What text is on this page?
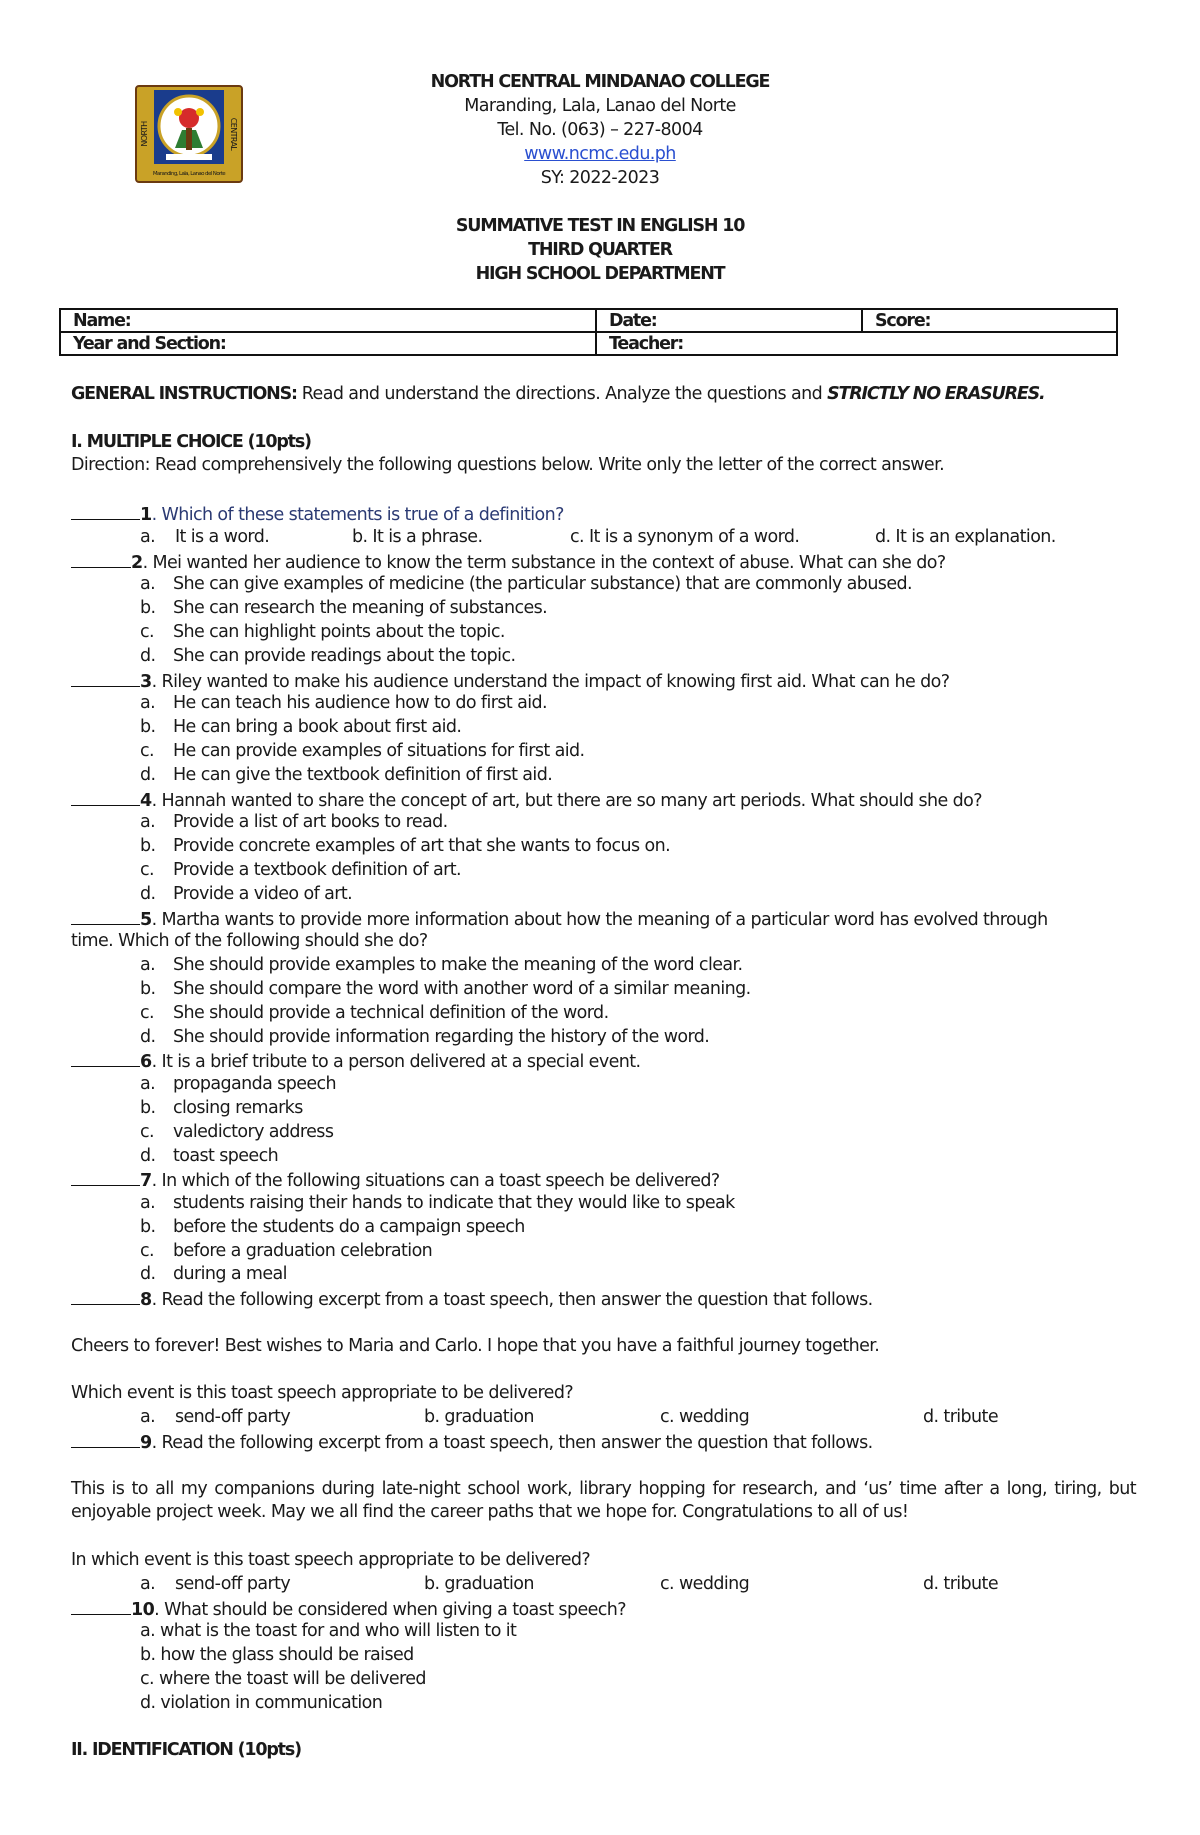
NORTH	CENTRAL
Maranding, Lala, Lanao del Norte
NORTH CENTRAL MINDANAO COLLEGE
Maranding, Lala, Lanao del Norte
Tel. No. (063) – 227-8004
www.ncmc.edu.ph
SY: 2022-2023
SUMMATIVE TEST IN ENGLISH 10
THIRD QUARTER
HIGH SCHOOL DEPARTMENT
Name:	Date:	Score:
Year and Section:	Teacher:	
GENERAL INSTRUCTIONS: Read and understand the directions. Analyze the questions and STRICTLY NO ERASURES.
I. MULTIPLE CHOICE (10pts)
Direction: Read comprehensively the following questions below. Write only the letter of the correct answer.
1. Which of these statements is true of a definition?
a. It is a word.	b. It is a phrase.	c. It is a synonym of a word.	d. It is an explanation.
2. Mei wanted her audience to know the term substance in the context of abuse. What can she do?
a. She can give examples of medicine (the particular substance) that are commonly abused.
b. She can research the meaning of substances.
c. She can highlight points about the topic.
d. She can provide readings about the topic.
3. Riley wanted to make his audience understand the impact of knowing first aid. What can he do?
a. He can teach his audience how to do first aid.
b. He can bring a book about first aid.
c. He can provide examples of situations for first aid.
d. He can give the textbook definition of first aid.
4. Hannah wanted to share the concept of art, but there are so many art periods. What should she do?
a. Provide a list of art books to read.
b. Provide concrete examples of art that she wants to focus on.
c. Provide a textbook definition of art.
d. Provide a video of art.
5. Martha wants to provide more information about how the meaning of a particular word has evolved through
time. Which of the following should she do?
a. She should provide examples to make the meaning of the word clear.
b. She should compare the word with another word of a similar meaning.
c. She should provide a technical definition of the word.
d. She should provide information regarding the history of the word.
6. It is a brief tribute to a person delivered at a special event.
a. propaganda speech
b. closing remarks
c. valedictory address
d. toast speech
7. In which of the following situations can a toast speech be delivered?
a. students raising their hands to indicate that they would like to speak
b. before the students do a campaign speech
c. before a graduation celebration
d. during a meal
8. Read the following excerpt from a toast speech, then answer the question that follows.
Cheers to forever! Best wishes to Maria and Carlo. I hope that you have a faithful journey together.
Which event is this toast speech appropriate to be delivered?
a. send-off party	b. graduation	c. wedding	d. tribute
9. Read the following excerpt from a toast speech, then answer the question that follows.
This is to all my companions during late-night school work, library hopping for research, and ‘us’ time after a long, tiring, but enjoyable project week. May we all find the career paths that we hope for. Congratulations to all of us!
In which event is this toast speech appropriate to be delivered?
a. send-off party	b. graduation	c. wedding	d. tribute
10. What should be considered when giving a toast speech?
a. what is the toast for and who will listen to it
b. how the glass should be raised
c. where the toast will be delivered
d. violation in communication
II. IDENTIFICATION (10pts)
